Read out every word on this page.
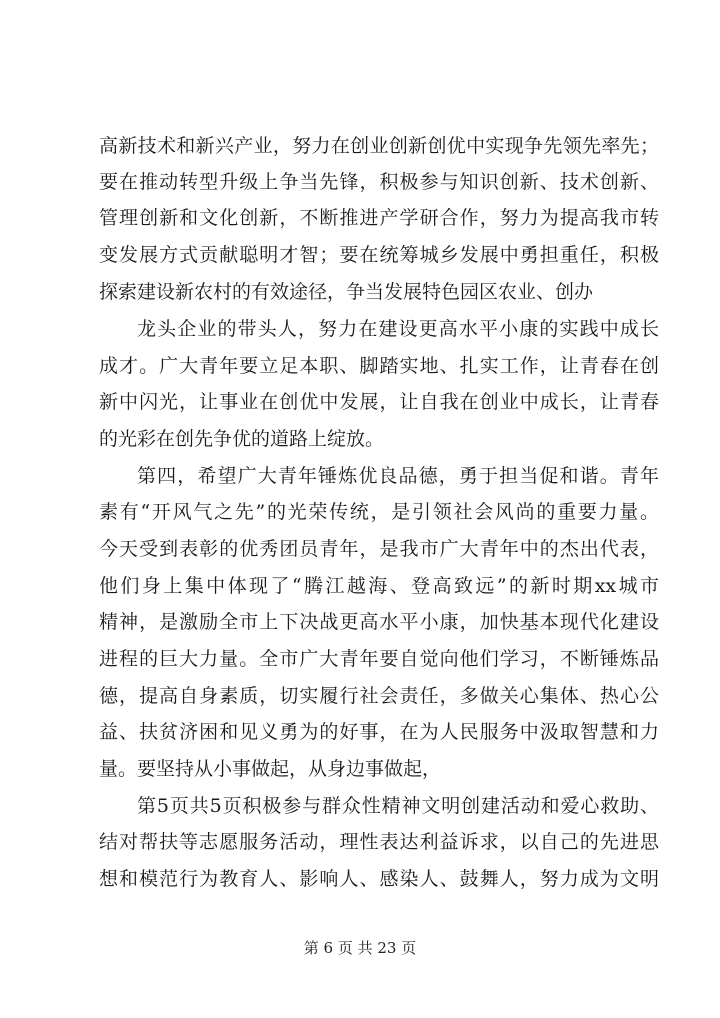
高新技术和新兴产业，努力在创业创新创优中实现争先领先率先；
要在推动转型升级上争当先锋，积极参与知识创新、技术创新、
管理创新和文化创新，不断推进产学研合作，努力为提高我市转
变发展方式贡献聪明才智；要在统筹城乡发展中勇担重任，积极
探索建设新农村的有效途径，争当发展特色园区农业、创办
龙头企业的带头人，努力在建设更高水平小康的实践中成长
成才。广大青年要立足本职、脚踏实地、扎实工作，让青春在创
新中闪光，让事业在创优中发展，让自我在创业中成长，让青春
的光彩在创先争优的道路上绽放。
第四，希望广大青年锤炼优良品德，勇于担当促和谐。青年
素有“开风气之先”的光荣传统，是引领社会风尚的重要力量。
今天受到表彰的优秀团员青年，是我市广大青年中的杰出代表，
他们身上集中体现了“腾江越海、登高致远”的新时期xx城市
精神，是激励全市上下决战更高水平小康，加快基本现代化建设
进程的巨大力量。全市广大青年要自觉向他们学习，不断锤炼品
德，提高自身素质，切实履行社会责任，多做关心集体、热心公
益、扶贫济困和见义勇为的好事，在为人民服务中汲取智慧和力
量。要坚持从小事做起，从身边事做起，
第5页共5页积极参与群众性精神文明创建活动和爱心救助、
结对帮扶等志愿服务活动，理性表达利益诉求，以自己的先进思
想和模范行为教育人、影响人、感染人、鼓舞人，努力成为文明
第 6 页 共 23 页
